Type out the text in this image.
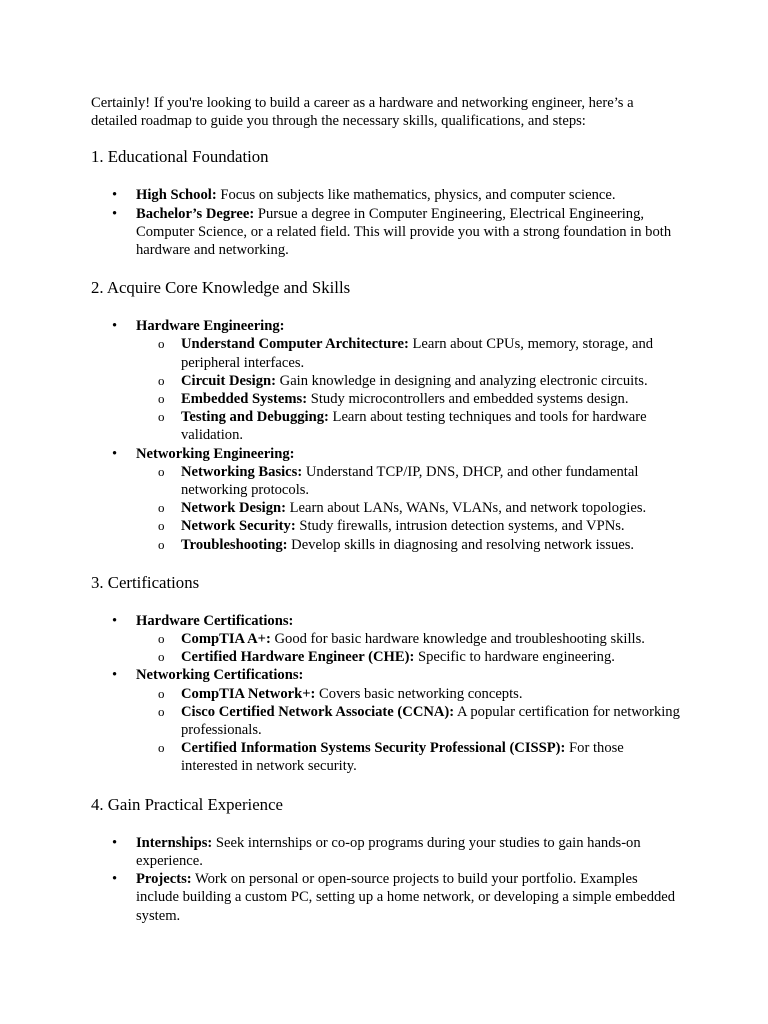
Certainly! If you're looking to build a career as a hardware and networking engineer, here’s a detailed roadmap to guide you through the necessary skills, qualifications, and steps:

1. Educational Foundation
•	High School: Focus on subjects like mathematics, physics, and computer science.
•	Bachelor’s Degree: Pursue a degree in Computer Engineering, Electrical Engineering, Computer Science, or a related field. This will provide you with a strong foundation in both hardware and networking.
2. Acquire Core Knowledge and Skills
•	Hardware Engineering:
o Understand Computer Architecture: Learn about CPUs, memory, storage, and peripheral interfaces.
o Circuit Design: Gain knowledge in designing and analyzing electronic circuits.
o Embedded Systems: Study microcontrollers and embedded systems design.
o Testing and Debugging: Learn about testing techniques and tools for hardware validation.
•	Networking Engineering:
o Networking Basics: Understand TCP/IP, DNS, DHCP, and other fundamental networking protocols.
o Network Design: Learn about LANs, WANs, VLANs, and network topologies.
o Network Security: Study firewalls, intrusion detection systems, and VPNs.
o Troubleshooting: Develop skills in diagnosing and resolving network issues.
3. Certifications
•	Hardware Certifications:
o CompTIA A+: Good for basic hardware knowledge and troubleshooting skills.
o Certified Hardware Engineer (CHE): Specific to hardware engineering.
•	Networking Certifications:
o CompTIA Network+: Covers basic networking concepts.
o Cisco Certified Network Associate (CCNA): A popular certification for networking professionals.
o Certified Information Systems Security Professional (CISSP): For those interested in network security.
4. Gain Practical Experience
•	Internships: Seek internships or co-op programs during your studies to gain hands-on experience.
•	Projects: Work on personal or open-source projects to build your portfolio. Examples include building a custom PC, setting up a home network, or developing a simple embedded system.
